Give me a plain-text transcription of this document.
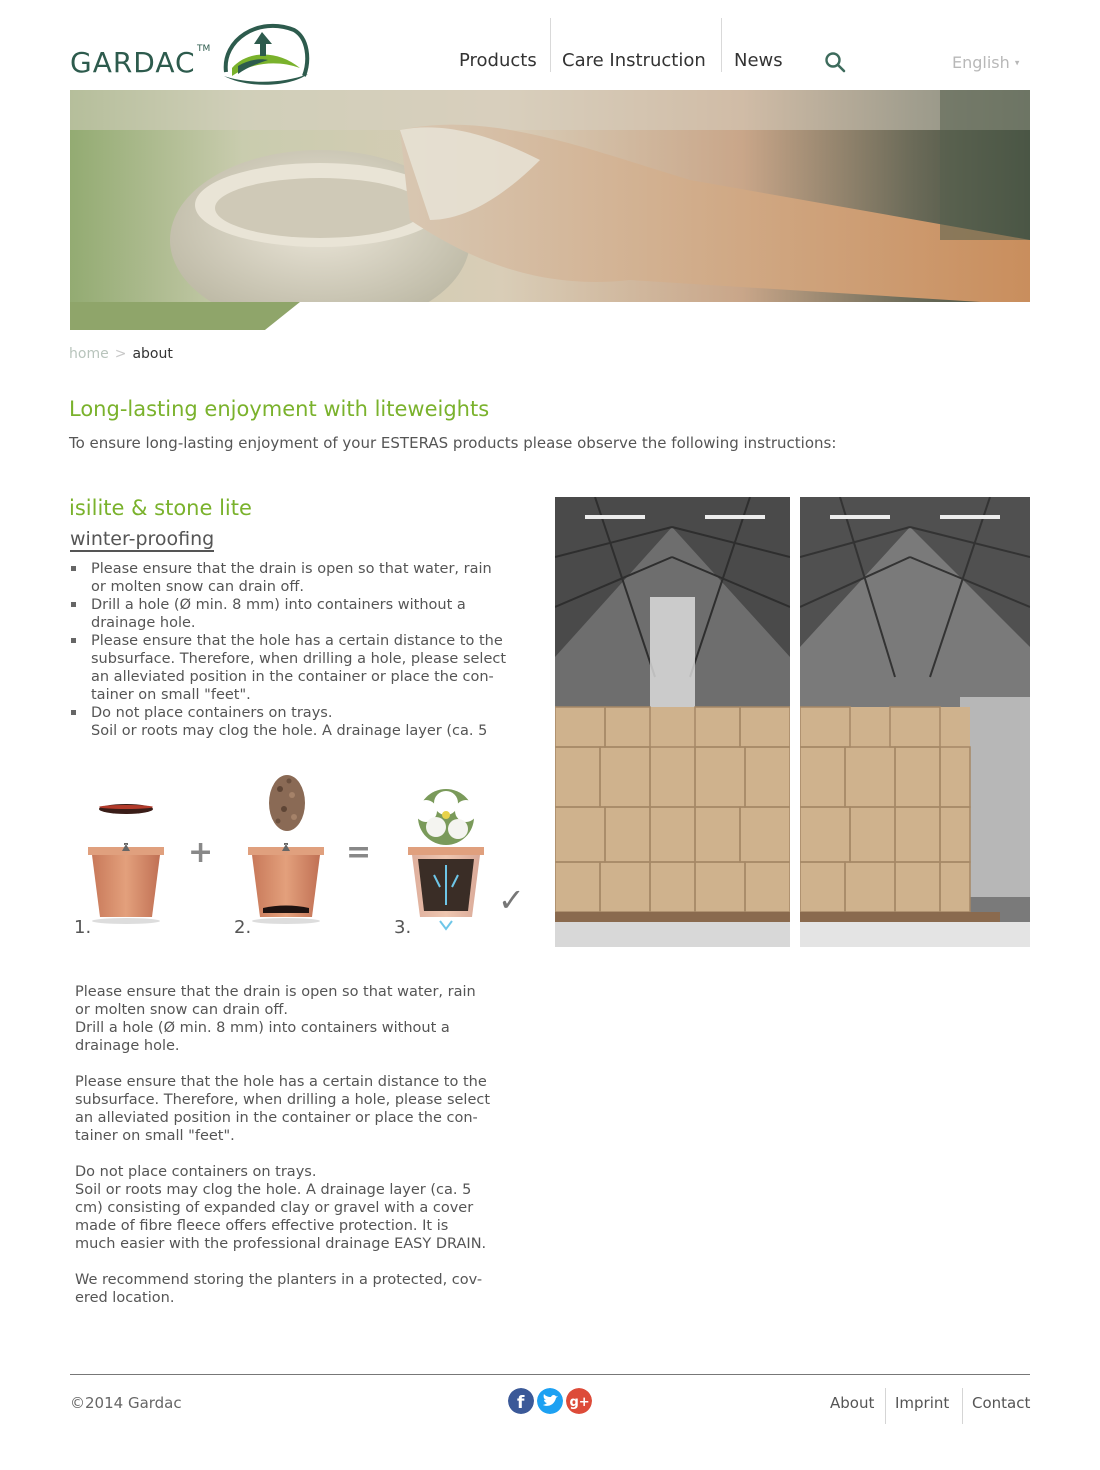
GARDAC TM
Products Care Instruction News	English ▾
home > about
Long-lasting enjoyment with liteweights
To ensure long-lasting enjoyment of your ESTERAS products please observe the following instructions:
isilite & stone lite
winter-proofing
Please ensure that the drain is open so that water, rain
or molten snow can drain off.
Drill a hole (Ø min. 8 mm) into containers without a
drainage hole.
Please ensure that the hole has a certain distance to the
subsurface. Therefore, when drilling a hole, please select
an alleviated position in the container or place the con-
tainer on small "feet".
Do not place containers on trays.
Soil or roots may clog the hole. A drainage layer (ca. 5
1.
+
2.
=
3.
✓

Please ensure that the drain is open so that water, rain
or molten snow can drain off.
Drill a hole (Ø min. 8 mm) into containers without a
drainage hole.

Please ensure that the hole has a certain distance to the
subsurface. Therefore, when drilling a hole, please select
an alleviated position in the container or place the con-
tainer on small "feet".

Do not place containers on trays.
Soil or roots may clog the hole. A drainage layer (ca. 5
cm) consisting of expanded clay or gravel with a cover
made of fibre fleece offers effective protection. It is
much easier with the professional drainage EASY DRAIN.

We recommend storing the planters in a protected, cov-
ered location.

©2014 Gardac	f	g+	About Imprint Contact
